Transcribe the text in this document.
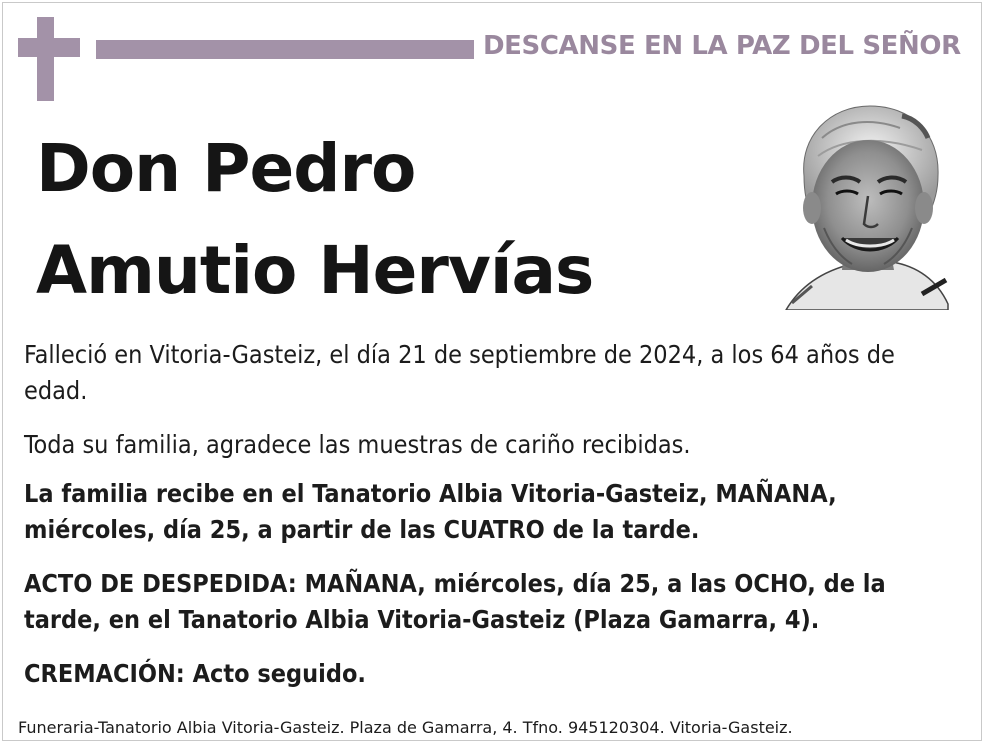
DESCANSE EN LA PAZ DEL SEÑOR
Don Pedro
Amutio Hervías
Falleció en Vitoria-Gasteiz, el día 21 de septiembre de 2024, a los 64 años de edad.
Toda su familia, agradece las muestras de cariño recibidas.
La familia recibe en el Tanatorio Albia Vitoria-Gasteiz, MAÑANA, miércoles, día 25, a partir de las CUATRO de la tarde.
ACTO DE DESPEDIDA: MAÑANA, miércoles, día 25, a las OCHO, de la tarde, en el Tanatorio Albia Vitoria-Gasteiz (Plaza Gamarra, 4).
CREMACIÓN: Acto seguido.
Funeraria-Tanatorio Albia Vitoria-Gasteiz. Plaza de Gamarra, 4. Tfno. 945120304. Vitoria-Gasteiz.
